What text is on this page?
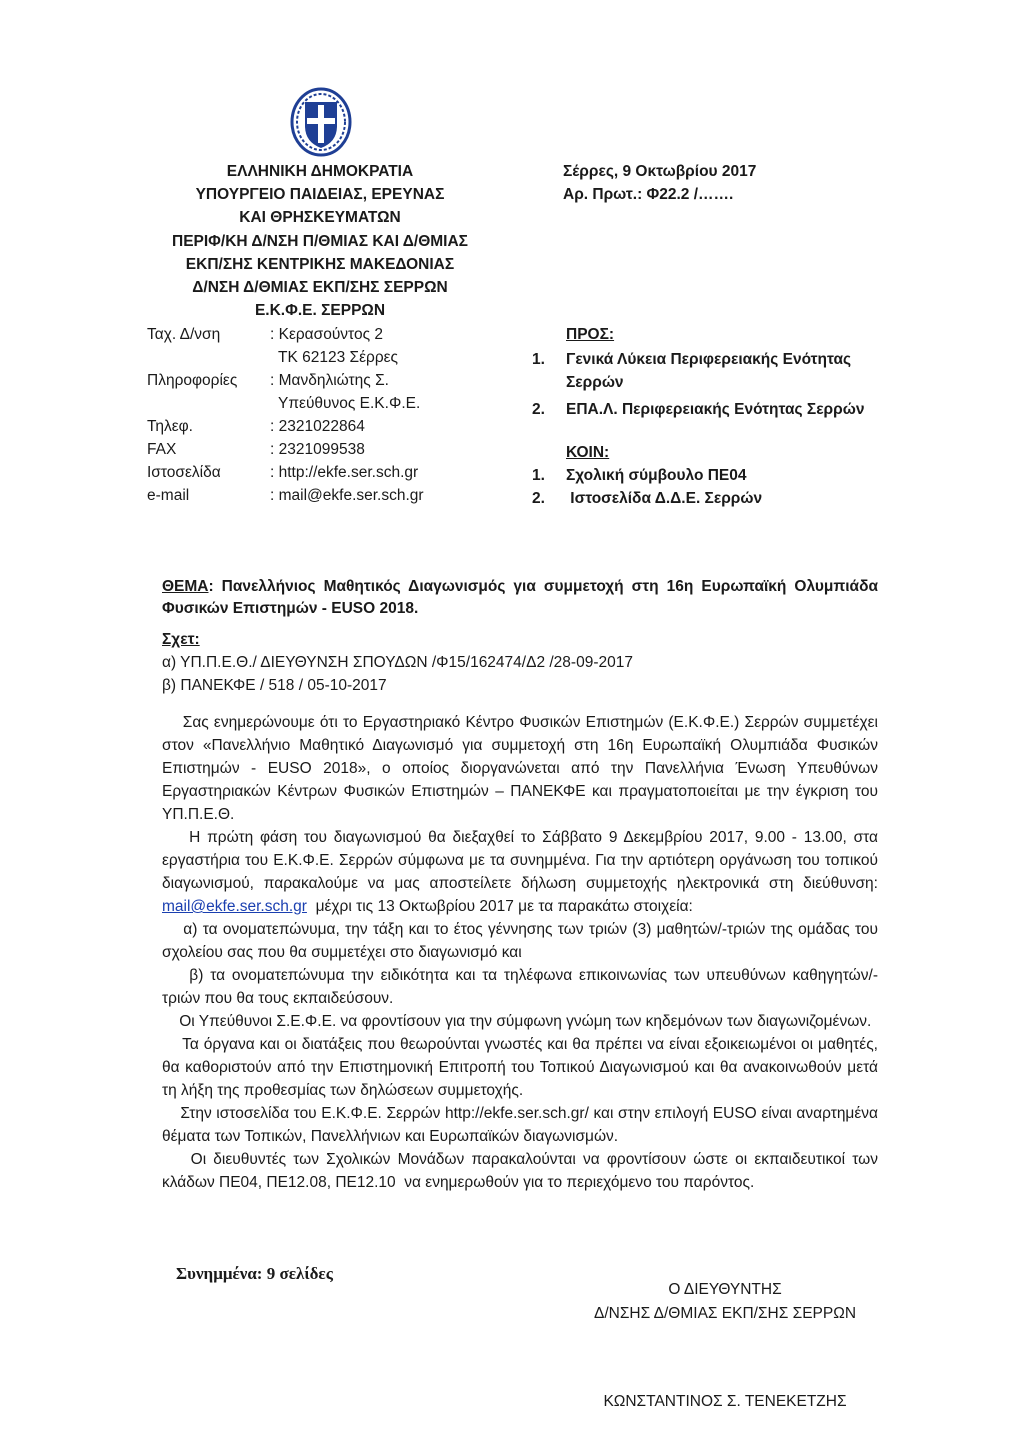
ΕΛΛΗΝΙΚΗ ΔΗΜΟΚΡΑΤΙΑ
ΥΠΟΥΡΓΕΙΟ ΠΑΙΔΕΙΑΣ, ΕΡΕΥΝΑΣ
ΚΑΙ ΘΡΗΣΚΕΥΜΑΤΩΝ
ΠΕΡΙΦ/ΚΗ Δ/ΝΣΗ Π/ΘΜΙΑΣ ΚΑΙ Δ/ΘΜΙΑΣ
ΕΚΠ/ΣΗΣ ΚΕΝΤΡΙΚΗΣ ΜΑΚΕΔΟΝΙΑΣ
Δ/ΝΣΗ Δ/ΘΜΙΑΣ ΕΚΠ/ΣΗΣ ΣΕΡΡΩΝ
Ε.Κ.Φ.Ε. ΣΕΡΡΩΝ
Σέρρες, 9 Οκτωβρίου 2017
Αρ. Πρωτ.: Φ22.2 /…….
Ταχ. Δ/νση	: Κερασούντος 2
ΤΚ 62123 Σέρρες
Πληροφορίες	: Μανδηλιώτης Σ.
Υπεύθυνος Ε.Κ.Φ.Ε.
Τηλεφ.	: 2321022864
FAX	: 2321099538
Ιστοσελίδα	: http://ekfe.ser.sch.gr
e-mail	: mail@ekfe.ser.sch.gr
ΠΡΟΣ:
1.	Γενικά Λύκεια Περιφερειακής Ενότητας Σερρών
2.	ΕΠΑ.Λ. Περιφερειακής Ενότητας Σερρών
ΚΟΙΝ:
1.	Σχολική σύμβουλο ΠΕ04
2.	Ιστοσελίδα Δ.Δ.Ε. Σερρών
ΘΕΜΑ: Πανελλήνιος Μαθητικός Διαγωνισμός για συμμετοχή στη 16η Ευρωπαϊκή Ολυμπιάδα Φυσικών Επιστημών - EUSO 2018.
Σχετ:
α) ΥΠ.Π.Ε.Θ./ ΔΙΕΥΘΥΝΣΗ ΣΠΟΥΔΩΝ /Φ15/162474/Δ2 /28-09-2017
β) ΠΑΝΕΚΦΕ / 518 / 05-10-2017

Σας ενημερώνουμε ότι το Εργαστηριακό Κέντρο Φυσικών Επιστημών (Ε.Κ.Φ.Ε.) Σερρών συμμετέχει στον «Πανελλήνιο Μαθητικό Διαγωνισμό για συμμετοχή στη 16η Ευρωπαϊκή Ολυμπιάδα Φυσικών Επιστημών - EUSO 2018», ο οποίος διοργανώνεται από την Πανελλήνια Ένωση Υπευθύνων Εργαστηριακών Κέντρων Φυσικών Επιστημών – ΠΑΝΕΚΦΕ και πραγματοποιείται με την έγκριση του ΥΠ.Π.Ε.Θ.

Η πρώτη φάση του διαγωνισμού θα διεξαχθεί το Σάββατο 9 Δεκεμβρίου 2017, 9.00 - 13.00, στα εργαστήρια του Ε.Κ.Φ.Ε. Σερρών σύμφωνα με τα συνημμένα. Για την αρτιότερη οργάνωση του τοπικού διαγωνισμού, παρακαλούμε να μας αποστείλετε δήλωση συμμετοχής ηλεκτρονικά στη διεύθυνση: mail@ekfe.ser.sch.gr  μέχρι τις 13 Οκτωβρίου 2017 με τα παρακάτω στοιχεία:

α) τα ονοματεπώνυμα, την τάξη και το έτος γέννησης των τριών (3) μαθητών/-τριών της ομάδας του σχολείου σας που θα συμμετέχει στο διαγωνισμό και

β) τα ονοματεπώνυμα την ειδικότητα και τα τηλέφωνα επικοινωνίας των υπευθύνων καθηγητών/-τριών που θα τους εκπαιδεύσουν.

Οι Υπεύθυνοι Σ.Ε.Φ.Ε. να φροντίσουν για την σύμφωνη γνώμη των κηδεμόνων των διαγωνιζομένων.

Τα όργανα και οι διατάξεις που θεωρούνται γνωστές και θα πρέπει να είναι εξοικειωμένοι οι μαθητές, θα καθοριστούν από την Επιστημονική Επιτροπή του Τοπικού Διαγωνισμού και θα ανακοινωθούν μετά τη λήξη της προθεσμίας των δηλώσεων συμμετοχής.

Στην ιστοσελίδα του Ε.Κ.Φ.Ε. Σερρών http://ekfe.ser.sch.gr/ και στην επιλογή EUSO είναι αναρτημένα θέματα των Τοπικών, Πανελλήνιων και Ευρωπαϊκών διαγωνισμών.

Οι διευθυντές των Σχολικών Μονάδων παρακαλούνται να φροντίσουν ώστε οι εκπαιδευτικοί των κλάδων ΠΕ04, ΠΕ12.08, ΠΕ12.10  να ενημερωθούν για το περιεχόμενο του παρόντος.

Συνημμένα: 9 σελίδες
Ο ΔΙΕΥΘΥΝΤΗΣ
Δ/ΝΣΗΣ Δ/ΘΜΙΑΣ ΕΚΠ/ΣΗΣ ΣΕΡΡΩΝ
ΚΩΝΣΤΑΝΤΙΝΟΣ Σ. ΤΕΝΕΚΕΤΖΗΣ
